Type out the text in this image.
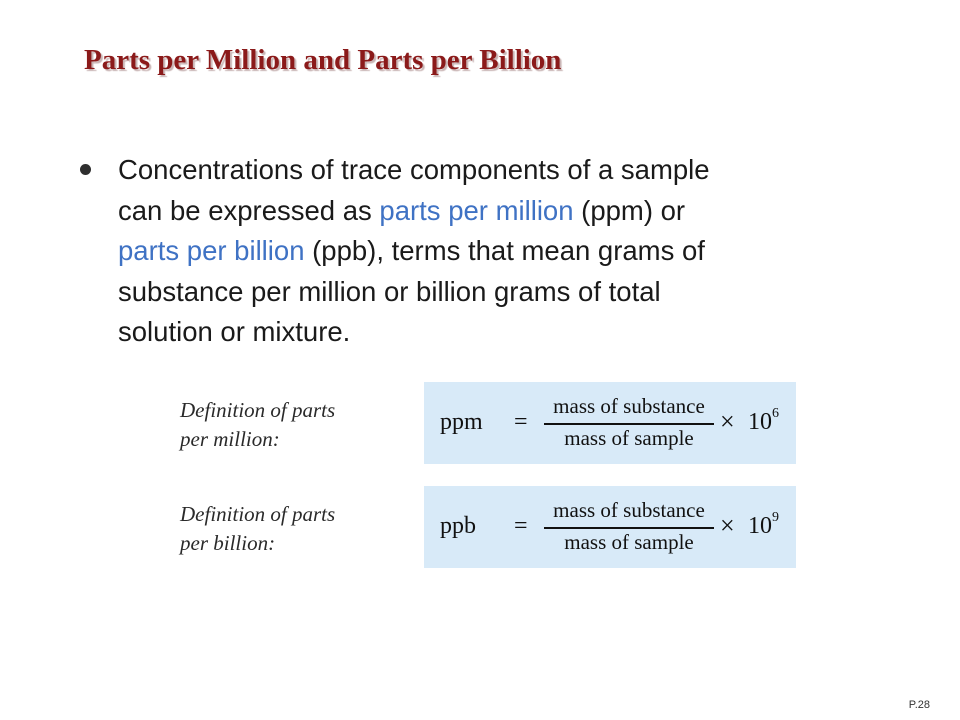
Parts per Million and Parts per Billion

Concentrations of trace components of a sample
can be expressed as parts per million (ppm) or
parts per billion (ppb), terms that mean grams of
substance per million or billion grams of total
solution or mixture.

Definition of parts
per million:
ppm =
mass of substance
mass of sample
× $10^6$
Definition of parts
per billion:
ppb =
mass of substance
mass of sample
× $10^9$
P.28
